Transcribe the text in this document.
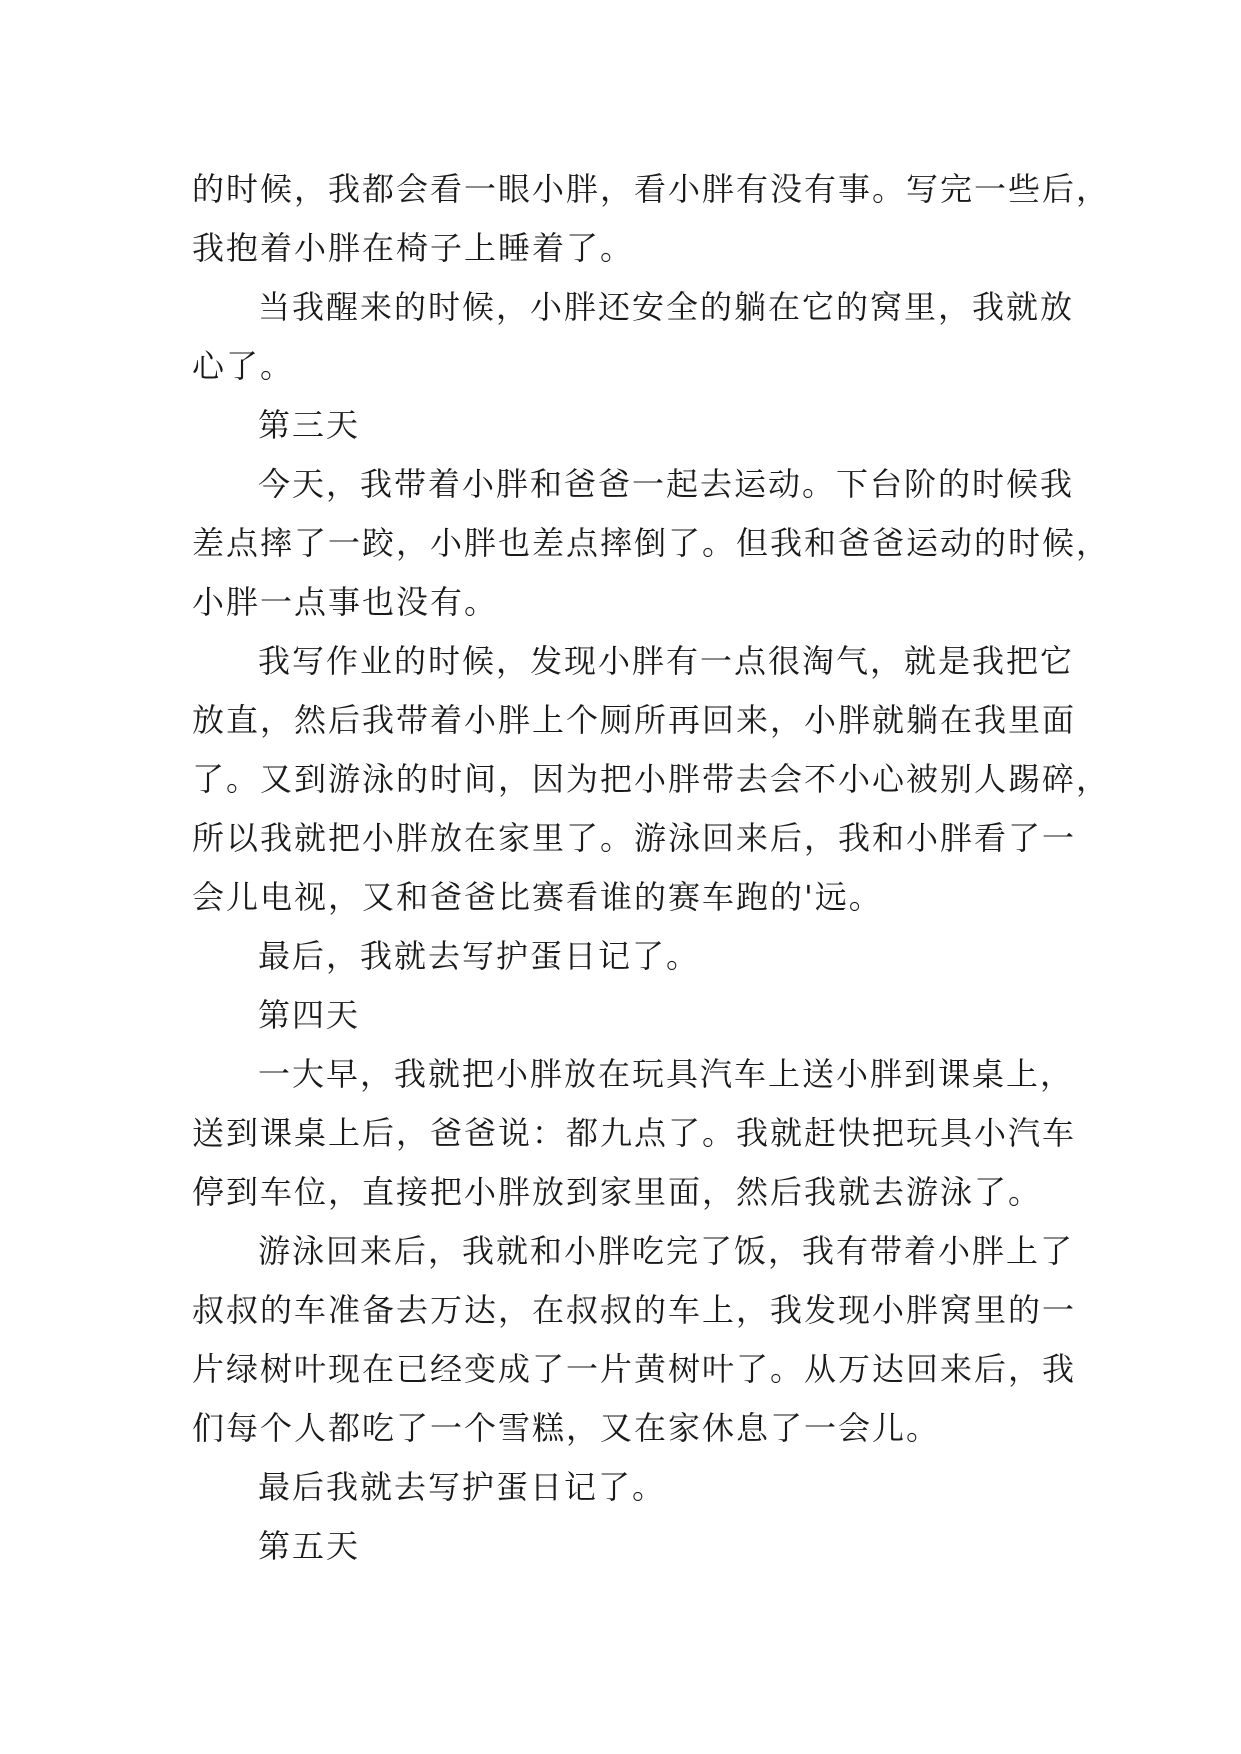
的时候，我都会看一眼小胖，看小胖有没有事。写完一些后，
我抱着小胖在椅子上睡着了。
当我醒来的时候，小胖还安全的躺在它的窝里，我就放
心了。
第三天
今天，我带着小胖和爸爸一起去运动。下台阶的时候我
差点摔了一跤，小胖也差点摔倒了。但我和爸爸运动的时候，
小胖一点事也没有。
我写作业的时候，发现小胖有一点很淘气，就是我把它
放直，然后我带着小胖上个厕所再回来，小胖就躺在我里面
了。又到游泳的时间，因为把小胖带去会不小心被别人踢碎，
所以我就把小胖放在家里了。游泳回来后，我和小胖看了一
会儿电视，又和爸爸比赛看谁的赛车跑的'远。
最后，我就去写护蛋日记了。
第四天
一大早，我就把小胖放在玩具汽车上送小胖到课桌上，
送到课桌上后，爸爸说：都九点了。我就赶快把玩具小汽车
停到车位，直接把小胖放到家里面，然后我就去游泳了。
游泳回来后，我就和小胖吃完了饭，我有带着小胖上了
叔叔的车准备去万达，在叔叔的车上，我发现小胖窝里的一
片绿树叶现在已经变成了一片黄树叶了。从万达回来后，我
们每个人都吃了一个雪糕，又在家休息了一会儿。
最后我就去写护蛋日记了。
第五天
